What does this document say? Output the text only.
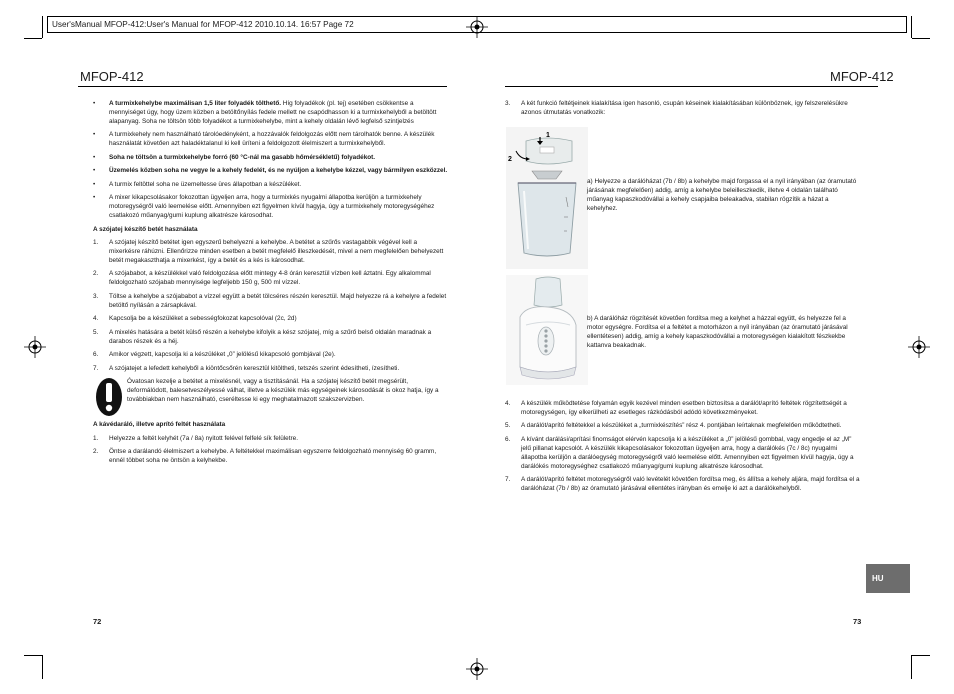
User'sManual MFOP-412:User's Manual for MFOP-412 2010.10.14. 16:57 Page 72
MFOP-412	MFOP-412
• A turmixkehelybe maximálisan 1,5 liter folyadék tölthető. Híg folyadékok (pl. tej) esetében csökkentse a mennyiséget úgy, hogy üzem közben a betöltőnyílás fedele mellett ne csapódhasson ki a turmixkehelyből a betöltött alapanyag. Soha ne töltsön több folyadékot a turmixkehelybe, mint a kehely oldalán lévő legfelső szintjelzés
• A turmixkehely nem használható tárolóedényként, a hozzávalók feldolgozás előtt nem tárolhatók benne. A készülék használatát követően azt haladéktalanul ki kell üríteni a feldolgozott élelmiszert a turmixkehelyből.
• Soha ne töltsön a turmixkehelybe forró (60 °C-nál ma gasabb hőmérsékletű) folyadékot.
• Üzemelés közben soha ne vegye le a kehely fedelét, és ne nyúljon a kehelybe kézzel, vagy bármilyen eszközzel.
• A turmix feltöttel soha ne üzemeltesse üres állapotban a készüléket.
• A mixer kikapcsolásakor fokozottan ügyeljen arra, hogy a turmixkés nyugalmi állapotba kerüljön a turmixkehely motoregységről való leemelése előtt. Amennyiben ezt figyelmen kívül hagyja, úgy a turmixkehely motoregységéhez csatlakozó műanyag/gumi kuplung alkatrésze károsodhat.

A szójatej készítő betét használata

1. A szójatej készítő betétet igen egyszerű behelyezni a kehelybe. A betétet a szűrős vastagabbik végével kell a mixerkésre ráhúzni. Ellenőrizze minden esetben a betét megfelelő illeszkedését, mivel a nem megfelelően behelyezett betét megakaszthatja a mixerkést, így a betét és a kés is károsodhat.
2. A szójababot, a készülékkel való feldolgozása előtt mintegy 4-8 órán keresztül vízben kell áztatni. Egy alkalommal feldolgozható szójabab mennyisége legfeljebb 150 g, 500 ml vízzel.
3. Töltse a kehelybe a szójababot a vízzel együtt a betét tölcséres részén keresztül. Majd helyezze rá a kehelyre a fedelet betöltő nyílásán a zársapkával.
4. Kapcsolja be a készüléket a sebességfokozat kapcsolóval (2c, 2d)
5. A mixelés hatására a betét külső részén a kehelybe kifolyik a kész szójatej, míg a szűrő belső oldalán maradnak a darabos részek és a héj.
6. Amikor végzett, kapcsolja ki a készüléket „0” jelölésű kikapcsoló gombjával (2e).
7. A szójatejet a lefedett kehelyből a kiöntőcsőrén keresztül kitöltheti, tetszés szerint édesítheti, ízesítheti.
Óvatosan kezelje a betétet a mixelésnél, vagy a tisztításánál. Ha a szójatej készítő betét megsérült, deformálódott, balesetveszélyessé válhat, illetve a készülék más egységeinek károsodását is okoz hatja, így a továbbiakban nem használható, cseréltesse ki egy meghatalmazott szakszervizben.

A kávédaráló, illetve aprító feltét használata

1. Helyezze a feltét kelyhét (7a / 8a) nyitott felével felfelé sík felületre.
2. Öntse a darálandó élelmiszert a kehelybe. A feltétekkel maximálisan egyszerre feldolgozható mennyiség 60 gramm, ennél többet soha ne öntsön a kelyhekbe.
72
3. A két funkció feltétjeinek kialakítása igen hasonló, csupán késeinek kialakításában különböznek, így felszerelésükre azonos útmutatás vonatkozik:
1
2
a) Helyezze a darálóházat (7b / 8b) a kehelybe majd forgassa el a nyíl irányában (az óramutató járásának megfelelően) addig, amíg a kehelybe beleilleszkedik, illetve 4 oldalán található műanyag kapaszkodóvállai a kehely csapjaiba beleakadva, stabilan rögzítik a házat a kehelyhez.
b) A darálóház rögzítését követően fordítsa meg a kelyhet a házzal együtt, és helyezze fel a motor egységre. Fordítsa el a feltétet a motorházon a nyíl irányában (az óramutató járásával ellentétesen) addig, amíg a kehely kapaszkodóvállai a motoregységen kialakított fészkekbe kattanva beakadnak.
4. A készülék működtetése folyamán egyik kezével minden esetben biztosítsa a darálót/aprító feltétek rögzítettségét a motoregységen, így elkerülheti az esetleges rázkódásból adódó következményeket.
5. A darálót/aprító feltétekkel a készüléket a „turmixkészítés” rész 4. pontjában leírtaknak megfelelően működtetheti.
6. A kívánt darálási/aprítási finomságot elérvén kapcsolja ki a készüléket a „0” jelölésű gombbal, vagy engedje el az „M” jelű pillanat kapcsolót. A készülék kikapcsolásakor fokozottan ügyeljen arra, hogy a darálókés (7c / 8c) nyugalmi állapotba kerüljön a darálóegység motoregységről való leemelése előtt. Amennyiben ezt figyelmen kívül hagyja, úgy a darálókés motoregységhez csatlakozó műanyag/gumi kuplung alkatrésze károsodhat.
7. A darálót/aprító feltétet motoregységről való levételét követően fordítsa meg, és állítsa a kehely aljára, majd fordítsa el a darálóházat (7b / 8b) az óramutató járásával ellentétes irányban és emelje ki azt a darálókehelyből.
HU
73
